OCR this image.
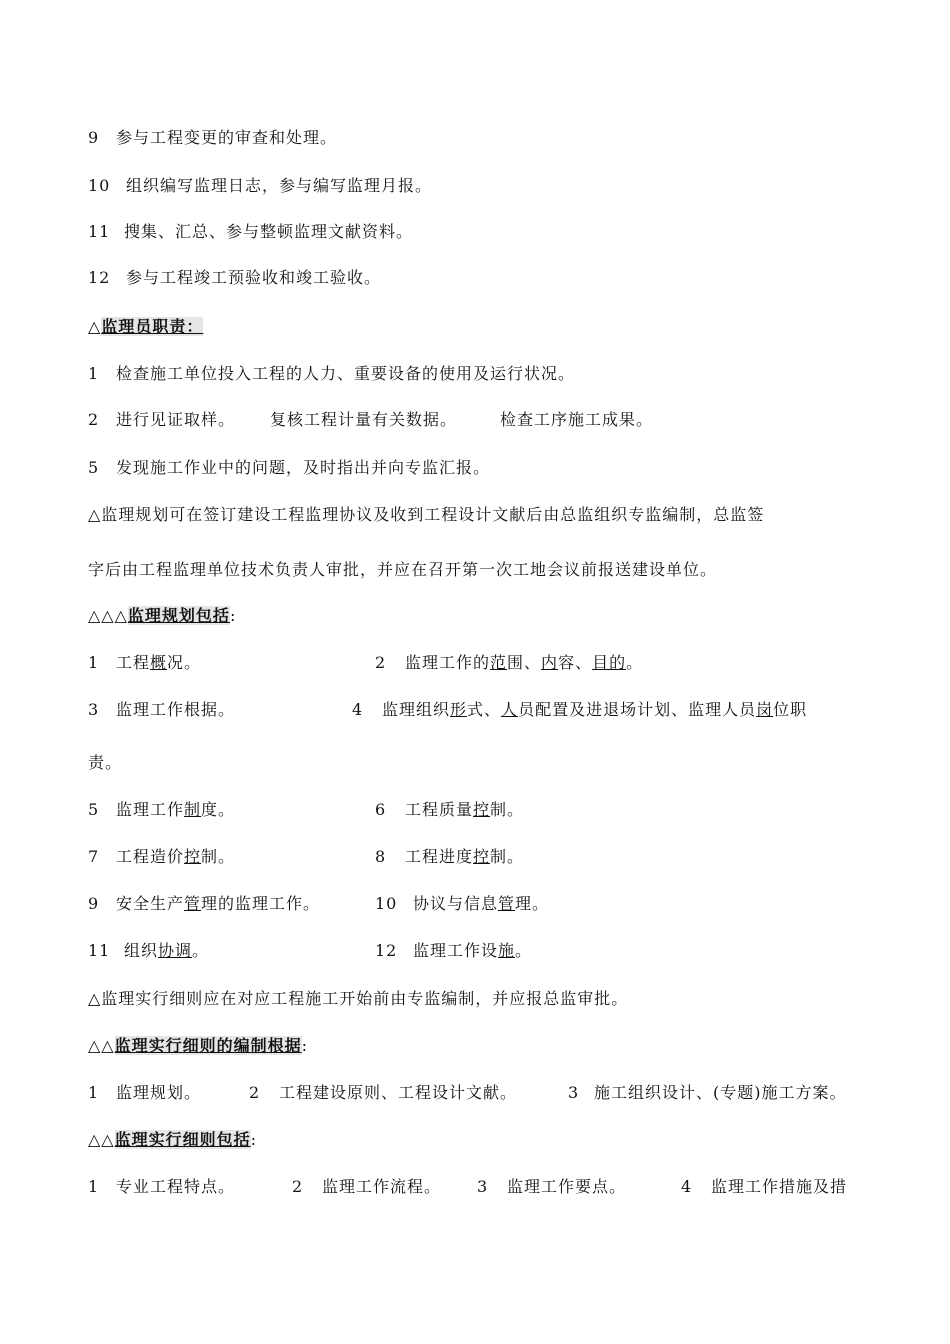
9 参与工程变更的审查和处理。
10 组织编写监理日志，参与编写监理月报。
11 搜集、汇总、参与整顿监理文献资料。
12 参与工程竣工预验收和竣工验收。
△监理员职责：
1 检查施工单位投入工程的人力、重要设备的使用及运行状况。
2 进行见证取样。 复核工程计量有关数据。	检查工序施工成果。
5 发现施工作业中的问题，及时指出并向专监汇报。
△监理规划可在签订建设工程监理协议及收到工程设计文献后由总监组织专监编制，总监签
字后由工程监理单位技术负责人审批，并应在召开第一次工地会议前报送建设单位。
△△△监理规划包括:
1 工程概况。	2 监理工作的范围、内容、目的。
3 监理工作根据。	4 监理组织形式、人员配置及进退场计划、监理人员岗位职
责。
5 监理工作制度。	6 工程质量控制。
7 工程造价控制。	8 工程进度控制。
9 安全生产管理的监理工作。	10 协议与信息管理。
11 组织协调。	12 监理工作设施。
△监理实行细则应在对应工程施工开始前由专监编制，并应报总监审批。
△△监理实行细则的编制根据:
1 监理规划。	2 工程建设原则、工程设计文献。	3 施工组织设计、(专题)施工方案。
△△监理实行细则包括:
1 专业工程特点。	2 监理工作流程。 3 监理工作要点。	4 监理工作措施及措
